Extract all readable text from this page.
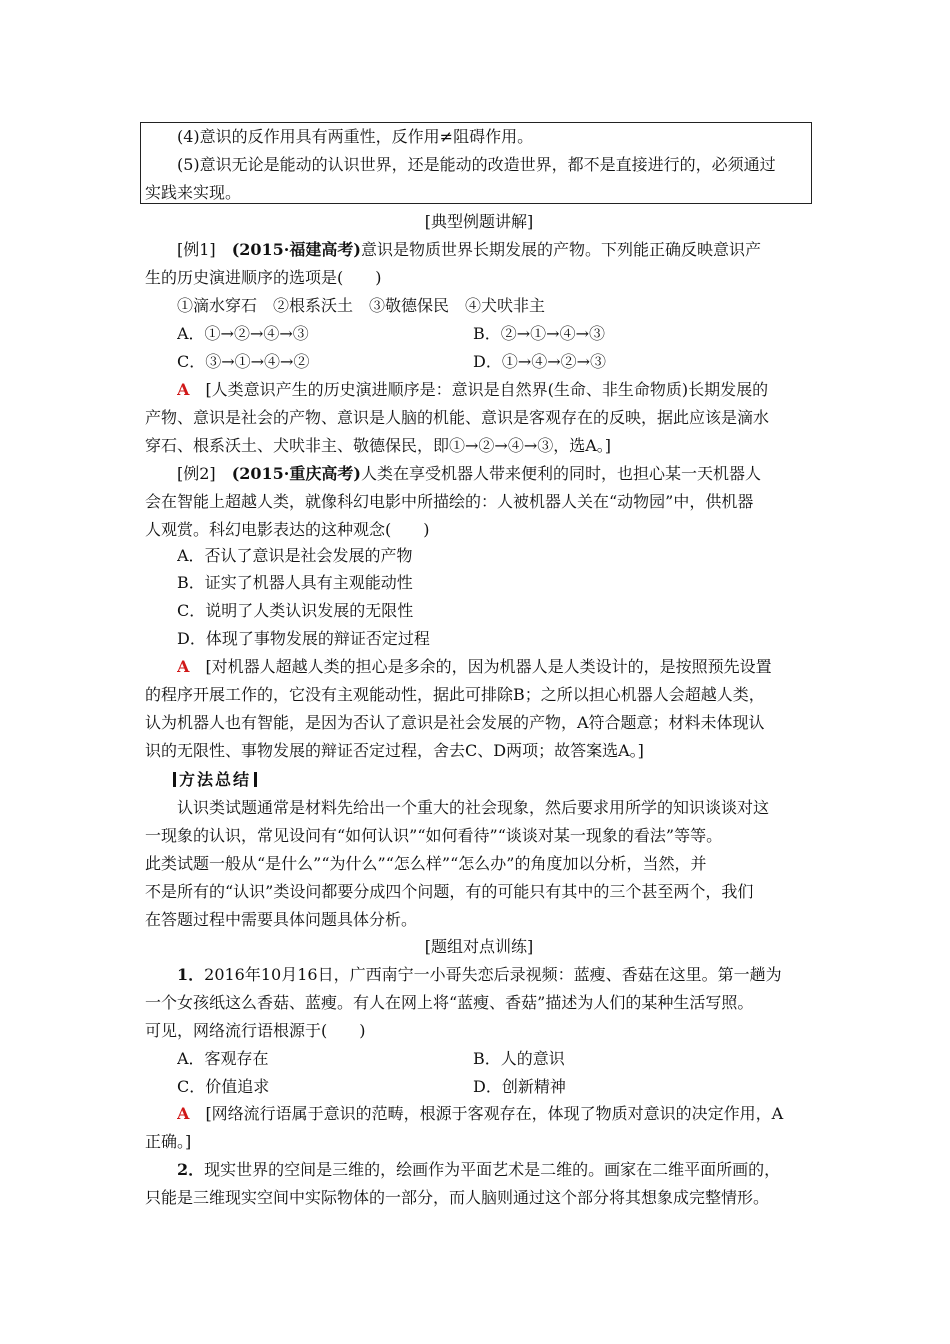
(4)意识的反作用具有两重性，反作用≠阻碍作用。
(5)意识无论是能动的认识世界，还是能动的改造世界，都不是直接进行的，必须通过
实践来实现。
[典型例题讲解]
[例1]　 (2015·福建高考)意识是物质世界长期发展的产物。下列能正确反映意识产
生的历史演进顺序的选项是(　　)
①滴水穿石　②根系沃土　③敬德保民　④犬吠非主
A．①→②→④→③	B．②→①→④→③
C．③→①→④→②	D．①→④→②→③
A　 [人类意识产生的历史演进顺序是：意识是自然界(生命、非生命物质)长期发展的
产物、意识是社会的产物、意识是人脑的机能、意识是客观存在的反映，据此应该是滴水
穿石、根系沃土、犬吠非主、敬德保民，即①→②→④→③，选A。]
[例2]　 (2015·重庆高考)人类在享受机器人带来便利的同时，也担心某一天机器人
会在智能上超越人类，就像科幻电影中所描绘的：人被机器人关在“动物园”中，供机器
人观赏。科幻电影表达的这种观念(　　)
A．否认了意识是社会发展的产物
B．证实了机器人具有主观能动性
C．说明了人类认识发展的无限性
D．体现了事物发展的辩证否定过程
A　 [对机器人超越人类的担心是多余的，因为机器人是人类设计的，是按照预先设置
的程序开展工作的，它没有主观能动性，据此可排除B；之所以担心机器人会超越人类，
认为机器人也有智能，是因为否认了意识是社会发展的产物，A符合题意；材料未体现认
识的无限性、事物发展的辩证否定过程，舍去C、D两项；故答案选A。]
方法总结
认识类试题通常是材料先给出一个重大的社会现象，然后要求用所学的知识谈谈对这
一现象的认识，常见设问有“如何认识”“如何看待”“谈谈对某一现象的看法”等等。
此类试题一般从“是什么”“为什么”“怎么样”“怎么办”的角度加以分析，当然，并
不是所有的“认识”类设问都要分成四个问题，有的可能只有其中的三个甚至两个，我们
在答题过程中需要具体问题具体分析。
[题组对点训练]
1．2016年10月16日，广西南宁一小哥失恋后录视频：蓝瘦、香菇在这里。第一趟为
一个女孩纸这么香菇、蓝瘦。有人在网上将“蓝瘦、香菇”描述为人们的某种生活写照。
可见，网络流行语根源于(　　)
A．客观存在	B．人的意识
C．价值追求	D．创新精神
A　 [网络流行语属于意识的范畴，根源于客观存在，体现了物质对意识的决定作用，A
正确。]
2．现实世界的空间是三维的，绘画作为平面艺术是二维的。画家在二维平面所画的，
只能是三维现实空间中实际物体的一部分，而人脑则通过这个部分将其想象成完整情形。
